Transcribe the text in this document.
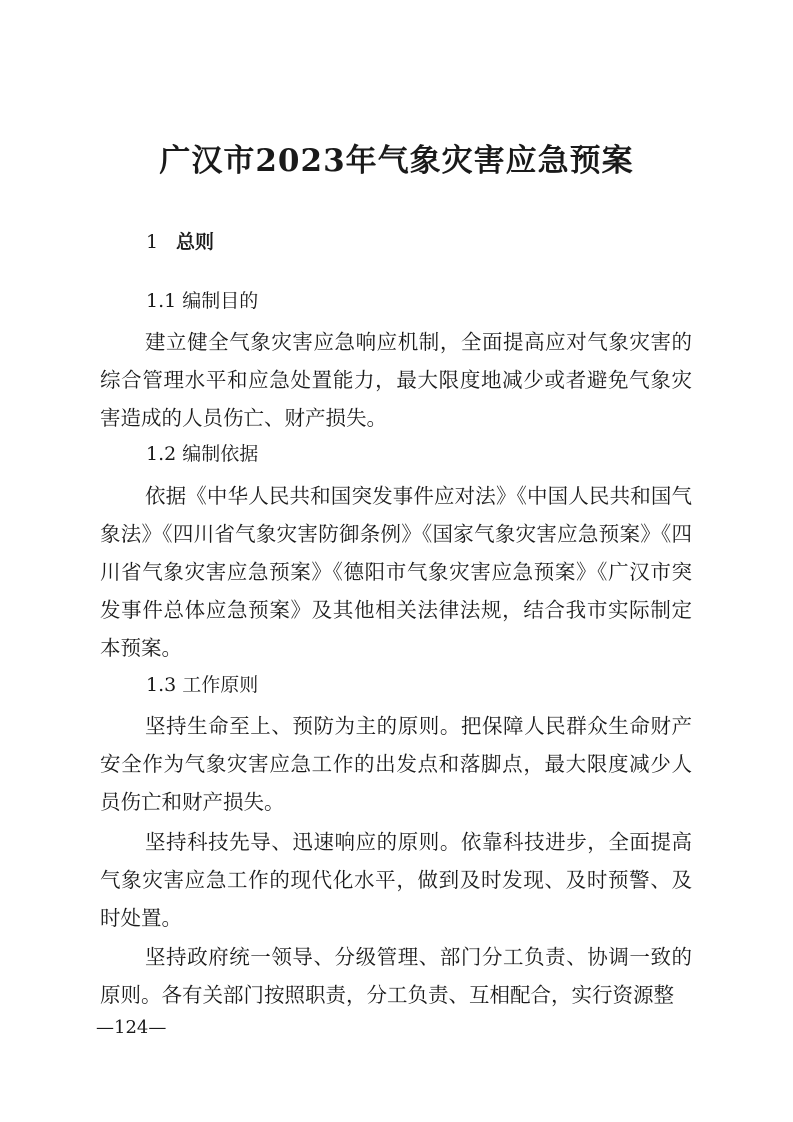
广汉市2023年气象灾害应急预案
1 总则
1.1 编制目的
建立健全气象灾害应急响应机制，全面提高应对气象灾害的综合管理水平和应急处置能力，最大限度地减少或者避免气象灾害造成的人员伤亡、财产损失。
1.2 编制依据
依据《中华人民共和国突发事件应对法》《中国人民共和国气象法》《四川省气象灾害防御条例》《国家气象灾害应急预案》《四川省气象灾害应急预案》《德阳市气象灾害应急预案》《广汉市突发事件总体应急预案》及其他相关法律法规，结合我市实际制定本预案。
1.3 工作原则
坚持生命至上、预防为主的原则。把保障人民群众生命财产安全作为气象灾害应急工作的出发点和落脚点，最大限度减少人员伤亡和财产损失。
坚持科技先导、迅速响应的原则。依靠科技进步，全面提高气象灾害应急工作的现代化水平，做到及时发现、及时预警、及时处置。
坚持政府统一领导、分级管理、部门分工负责、协调一致的原则。各有关部门按照职责，分工负责、互相配合，实行资源整
—124—
